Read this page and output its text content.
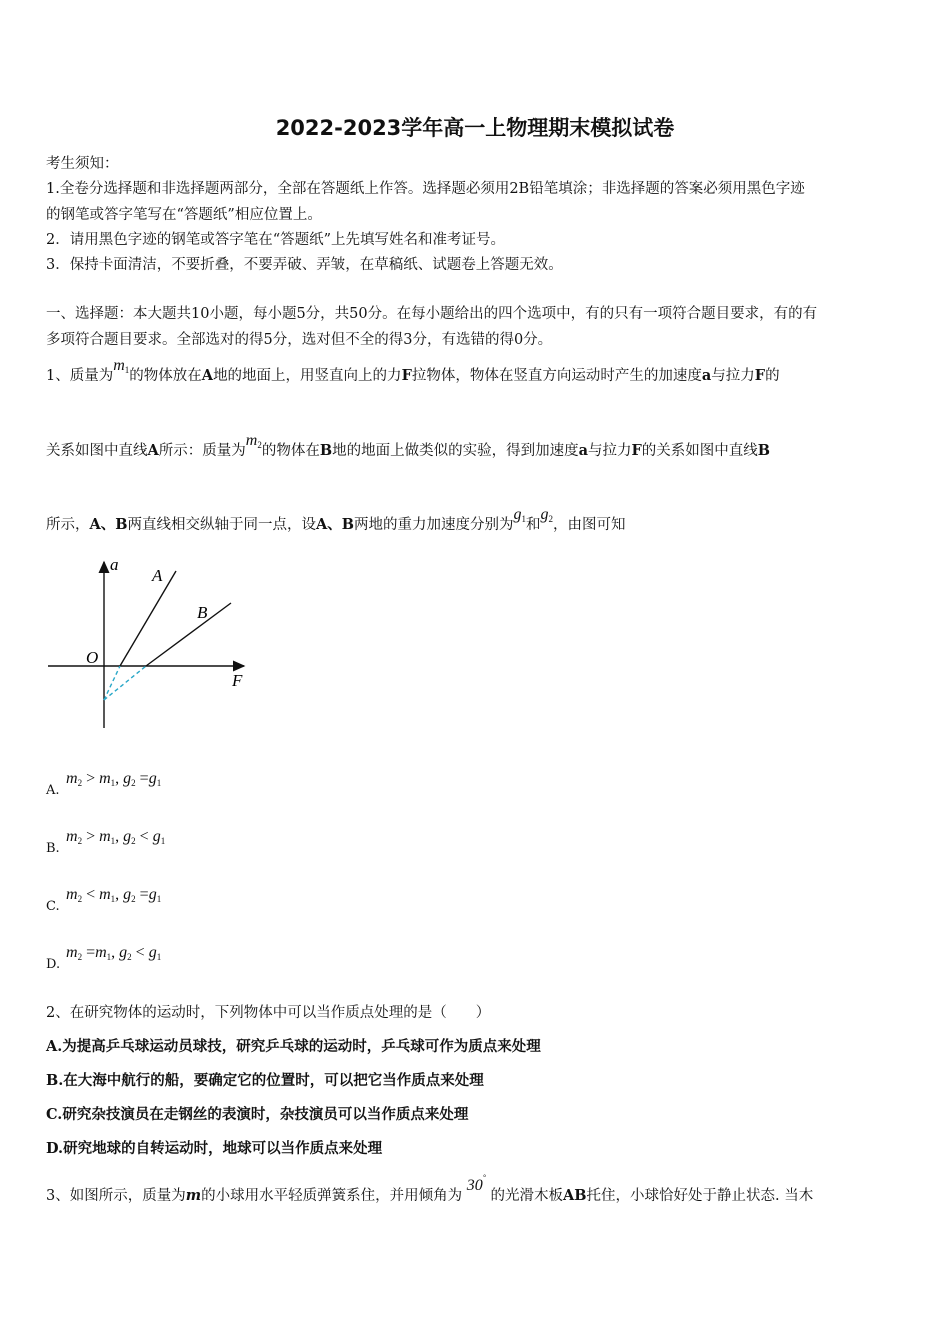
2022-2023学年高一上物理期末模拟试卷
考生须知：
1.全卷分选择题和非选择题两部分，全部在答题纸上作答。选择题必须用2B铅笔填涂；非选择题的答案必须用黑色字迹
的钢笔或答字笔写在“答题纸”相应位置上。
2．请用黑色字迹的钢笔或答字笔在“答题纸”上先填写姓名和准考证号。
3．保持卡面清洁，不要折叠，不要弄破、弄皱，在草稿纸、试题卷上答题无效。
一、选择题：本大题共10小题，每小题5分，共50分。在每小题给出的四个选项中，有的只有一项符合题目要求，有的有
多项符合题目要求。全部选对的得5分，选对但不全的得3分，有选错的得0分。
1、质量为$m_1$的物体放在A地的地面上，用竖直向上的力F拉物体，物体在竖直方向运动时产生的加速度a与拉力F的
关系如图中直线A所示：质量为$m_2$的物体在B地的地面上做类似的实验，得到加速度a与拉力F的关系如图中直线B
所示，A、B两直线相交纵轴于同一点，设A、B两地的重力加速度分别为$g_1$和$g_2$，由图可知
a
F
O
A
B
A.
$m_2 > m_1$, $g_2 =g_1$
B.
$m_2 > m_1$, $g_2 < g_1$
C.
$m_2 < m_1$, $g_2 =g_1$
D.
$m_2 =m_1$, $g_2 < g_1$
2、在研究物体的运动时，下列物体中可以当作质点处理的是（　　）
A.为提高乒乓球运动员球技，研究乒乓球的运动时，乒乓球可作为质点来处理
B.在大海中航行的船，要确定它的位置时，可以把它当作质点来处理
C.研究杂技演员在走钢丝的表演时，杂技演员可以当作质点来处理
D.研究地球的自转运动时，地球可以当作质点来处理
3、如图所示，质量为m的小球用水平轻质弹簧系住，并用倾角为 30° 的光滑木板AB托住，小球恰好处于静止状态. 当木
